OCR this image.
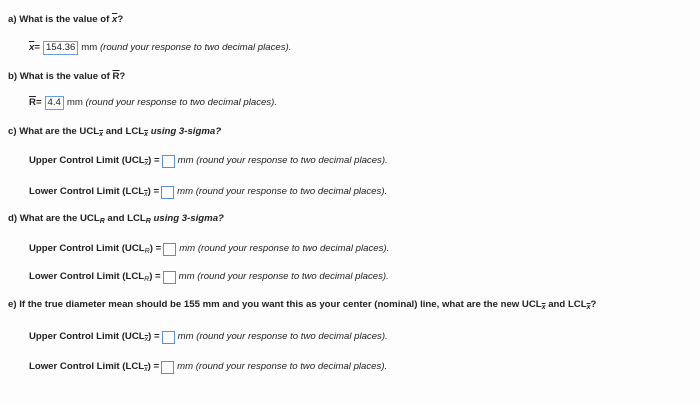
a) What is the value of
$\overline{x}$ ?
$\overline{x} = 154.36$ mm
(round your response to two decimal places).
b) What is the value of
$\overline{R}$ ?
$\overline{R} = 4.4$ mm
(round your response to two decimal places).
c) What are the UCL $\overline{x}$
and LCL $\overline{x}$
using 3-sigma?
Upper Control Limit (UCL $\overline{x}$ ) = mm (round your response to two decimal places).
Lower Control Limit (LCL $\overline{x}$ ) = mm (round your response to two decimal places).
d) What are the UCL R
and LCL R
using 3-sigma?
Upper Control Limit (UCL R ) = mm (round your response to two decimal places).
Lower Control Limit (LCL R ) = mm (round your response to two decimal places).
e) If the true diameter mean should be 155 mm and you want this as your center (nominal) line, what are the new UCL $\overline{x}$
and LCL $\overline{x}$ ?
Upper Control Limit (UCL $\overline{x}$ ) = mm (round your response to two decimal places).
Lower Control Limit (LCL $\overline{x}$ ) = mm (round your response to two decimal places).
